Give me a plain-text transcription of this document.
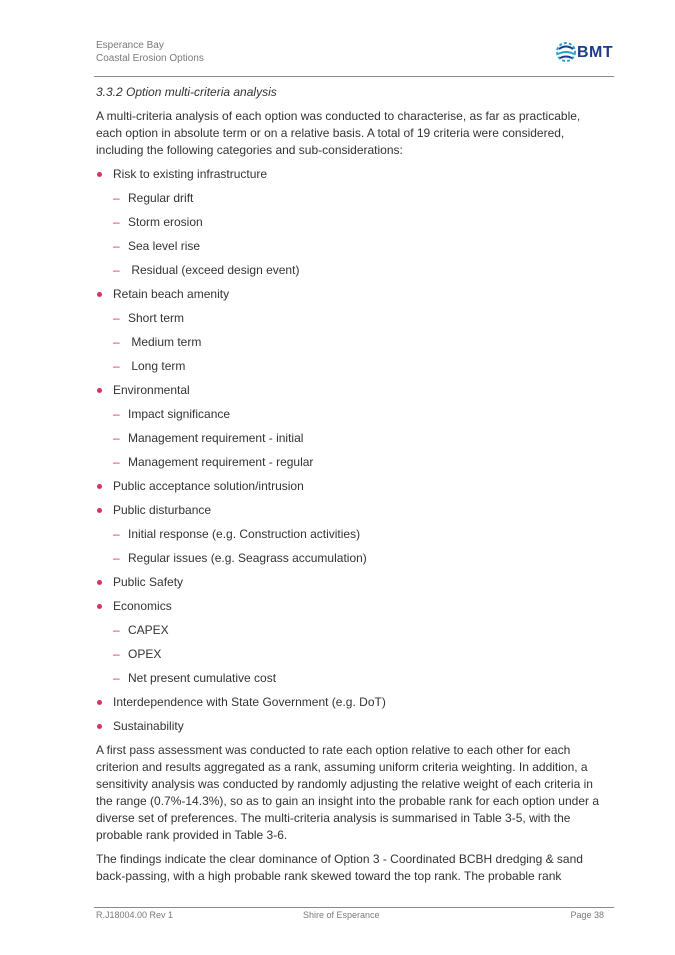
Esperance Bay
Coastal Erosion Options	BMT
3.3.2 Option multi-criteria analysis

A multi-criteria analysis of each option was conducted to characterise, as far as practicable, each option in absolute term or on a relative basis. A total of 19 criteria were considered, including the following categories and sub-considerations:

Risk to existing infrastructure
– Regular drift
– Storm erosion
– Sea level rise
– Residual (exceed design event)
Retain beach amenity
– Short term
– Medium term
– Long term
Environmental
– Impact significance
– Management requirement - initial
– Management requirement - regular
Public acceptance solution/intrusion
Public disturbance
– Initial response (e.g. Construction activities)
– Regular issues (e.g. Seagrass accumulation)
Public Safety
Economics
– CAPEX
– OPEX
– Net present cumulative cost
Interdependence with State Government (e.g. DoT)
Sustainability

A first pass assessment was conducted to rate each option relative to each other for each criterion and results aggregated as a rank, assuming uniform criteria weighting. In addition, a sensitivity analysis was conducted by randomly adjusting the relative weight of each criteria in the range (0.7%-14.3%), so as to gain an insight into the probable rank for each option under a diverse set of preferences. The multi-criteria analysis is summarised in Table 3-5, with the probable rank provided in Table 3-6.

The findings indicate the clear dominance of Option 3 - Coordinated BCBH dredging & sand back-passing, with a high probable rank skewed toward the top rank. The probable rank

R.J18004.00 Rev 1	Shire of Esperance	Page 38
